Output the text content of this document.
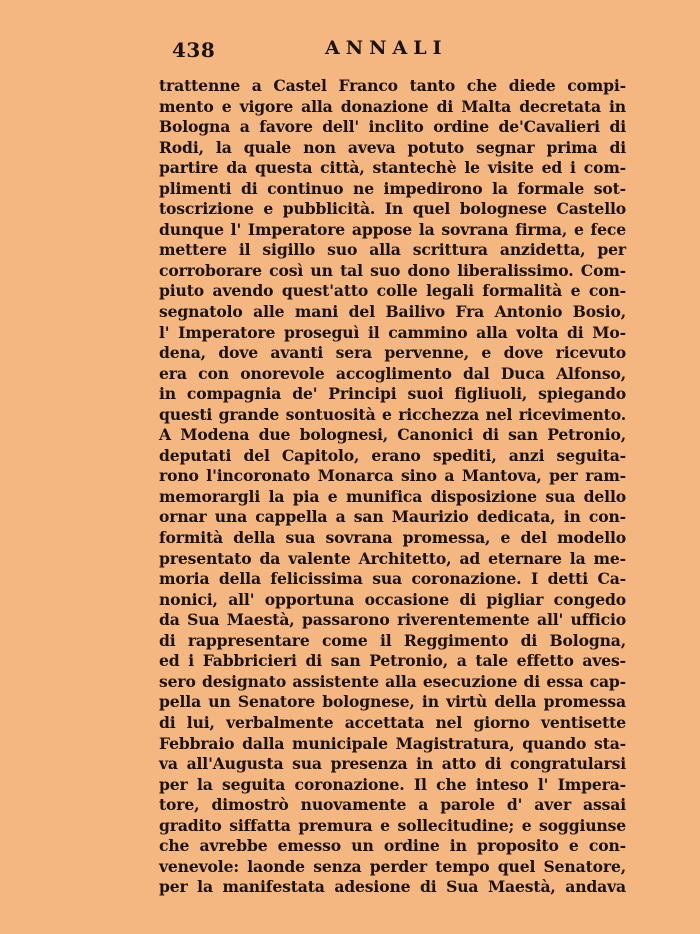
438	ANNALI
trattenne a Castel Franco tanto che diede compi-
mento e vigore alla donazione di Malta decretata in
Bologna a favore dell' inclito ordine de'Cavalieri di
Rodi, la quale non aveva potuto segnar prima di
partire da questa città, stantechè le visite ed i com-
plimenti di continuo ne impedirono la formale sot-
toscrizione e pubblicità. In quel bolognese Castello
dunque l' Imperatore appose la sovrana firma, e fece
mettere il sigillo suo alla scrittura anzidetta, per
corroborare così un tal suo dono liberalissimo. Com-
piuto avendo quest'atto colle legali formalità e con-
segnatolo alle mani del Bailivo Fra Antonio Bosio,
l' Imperatore proseguì il cammino alla volta di Mo-
dena, dove avanti sera pervenne, e dove ricevuto
era con onorevole accoglimento dal Duca Alfonso,
in compagnia de' Principi suoi figliuoli, spiegando
questi grande sontuosità e ricchezza nel ricevimento.
A Modena due bolognesi, Canonici di san Petronio,
deputati del Capitolo, erano spediti, anzi seguita-
rono l'incoronato Monarca sino a Mantova, per ram-
memorargli la pia e munifica disposizione sua dello
ornar una cappella a san Maurizio dedicata, in con-
formità della sua sovrana promessa, e del modello
presentato da valente Architetto, ad eternare la me-
moria della felicissima sua coronazione. I detti Ca-
nonici, all' opportuna occasione di pigliar congedo
da Sua Maestà, passarono riverentemente all' ufficio
di rappresentare come il Reggimento di Bologna,
ed i Fabbricieri di san Petronio, a tale effetto aves-
sero designato assistente alla esecuzione di essa cap-
pella un Senatore bolognese, in virtù della promessa
di lui, verbalmente accettata nel giorno ventisette
Febbraio dalla municipale Magistratura, quando sta-
va all'Augusta sua presenza in atto di congratularsi
per la seguita coronazione. Il che inteso l' Impera-
tore, dimostrò nuovamente a parole d' aver assai
gradito siffatta premura e sollecitudine; e soggiunse
che avrebbe emesso un ordine in proposito e con-
venevole: laonde senza perder tempo quel Senatore,
per la manifestata adesione di Sua Maestà, andava
